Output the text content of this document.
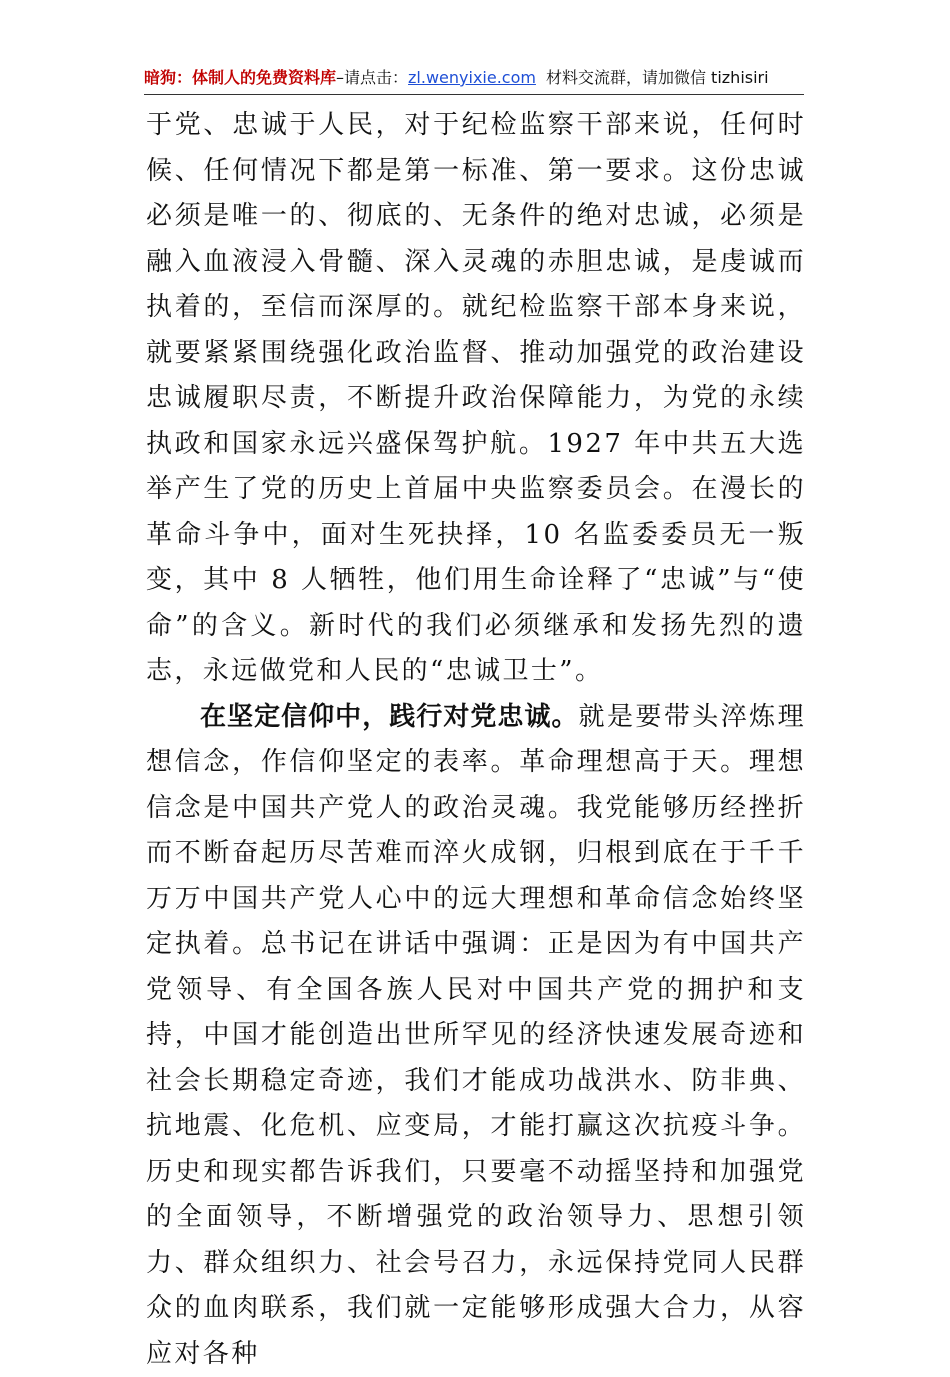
暗狗：体制人的免费资料库–请点击：zl.wenyixie.com 材料交流群，请加微信 tizhisiri

于党、忠诚于人民，对于纪检监察干部来说，任何时候、任何情况下都是第一标准、第一要求。这份忠诚必须是唯一的、彻底的、无条件的绝对忠诚，必须是融入血液浸入骨髓、深入灵魂的赤胆忠诚，是虔诚而执着的，至信而深厚的。就纪检监察干部本身来说，就要紧紧围绕强化政治监督、推动加强党的政治建设忠诚履职尽责，不断提升政治保障能力，为党的永续执政和国家永远兴盛保驾护航。1927 年中共五大选举产生了党的历史上首届中央监察委员会。在漫长的革命斗争中，面对生死抉择，10 名监委委员无一叛变，其中 8 人牺牲，他们用生命诠释了“忠诚”与“使命”的含义。新时代的我们必须继承和发扬先烈的遗志，永远做党和人民的“忠诚卫士”。

在坚定信仰中，践行对党忠诚。就是要带头淬炼理想信念，作信仰坚定的表率。革命理想高于天。理想信念是中国共产党人的政治灵魂。我党能够历经挫折而不断奋起历尽苦难而淬火成钢，归根到底在于千千万万中国共产党人心中的远大理想和革命信念始终坚定执着。总书记在讲话中强调：正是因为有中国共产党领导、有全国各族人民对中国共产党的拥护和支持，中国才能创造出世所罕见的经济快速发展奇迹和社会长期稳定奇迹，我们才能成功战洪水、防非典、抗地震、化危机、应变局，才能打赢这次抗疫斗争。历史和现实都告诉我们，只要毫不动摇坚持和加强党的全面领导，不断增强党的政治领导力、思想引领力、群众组织力、社会号召力，永远保持党同人民群众的血肉联系，我们就一定能够形成强大合力，从容应对各种
